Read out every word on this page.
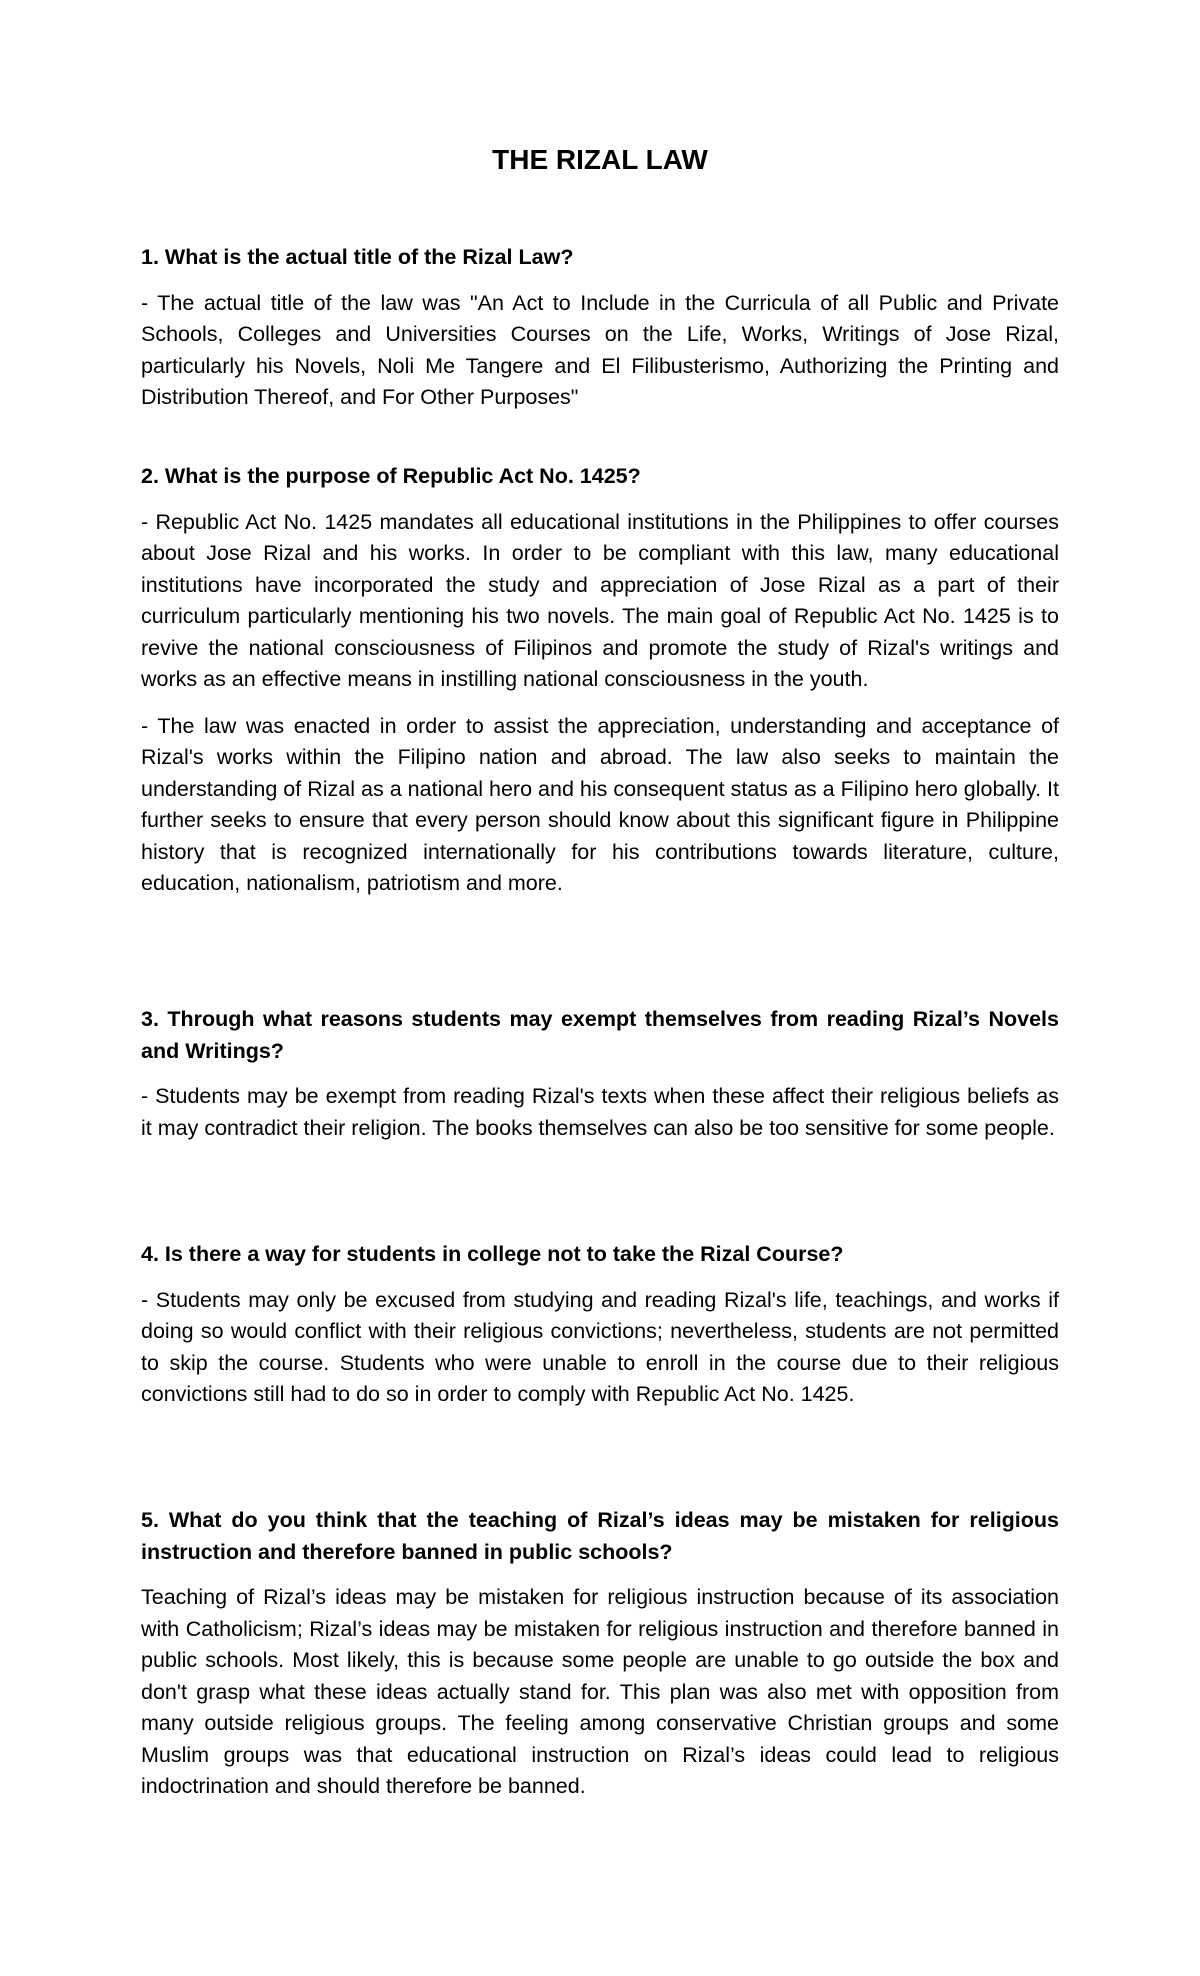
THE RIZAL LAW

1. What is the actual title of the Rizal Law?

- The actual title of the law was "An Act to Include in the Curricula of all Public and Private Schools, Colleges and Universities Courses on the Life, Works, Writings of Jose Rizal, particularly his Novels, Noli Me Tangere and El Filibusterismo, Authorizing the Printing and Distribution Thereof, and For Other Purposes"

2. What is the purpose of Republic Act No. 1425?

- Republic Act No. 1425 mandates all educational institutions in the Philippines to offer courses about Jose Rizal and his works. In order to be compliant with this law, many educational institutions have incorporated the study and appreciation of Jose Rizal as a part of their curriculum particularly mentioning his two novels. The main goal of Republic Act No. 1425 is to revive the national consciousness of Filipinos and promote the study of Rizal's writings and works as an effective means in instilling national consciousness in the youth.

- The law was enacted in order to assist the appreciation, understanding and acceptance of Rizal's works within the Filipino nation and abroad. The law also seeks to maintain the understanding of Rizal as a national hero and his consequent status as a Filipino hero globally. It further seeks to ensure that every person should know about this significant figure in Philippine history that is recognized internationally for his contributions towards literature, culture, education, nationalism, patriotism and more.

3. Through what reasons students may exempt themselves from reading Rizal’s Novels and Writings?

- Students may be exempt from reading Rizal's texts when these affect their religious beliefs as it may contradict their religion. The books themselves can also be too sensitive for some people.

4. Is there a way for students in college not to take the Rizal Course?

- Students may only be excused from studying and reading Rizal's life, teachings, and works if doing so would conflict with their religious convictions; nevertheless, students are not permitted to skip the course. Students who were unable to enroll in the course due to their religious convictions still had to do so in order to comply with Republic Act No. 1425.

5. What do you think that the teaching of Rizal’s ideas may be mistaken for religious instruction and therefore banned in public schools?

Teaching of Rizal’s ideas may be mistaken for religious instruction because of its association with Catholicism; Rizal’s ideas may be mistaken for religious instruction and therefore banned in public schools. Most likely, this is because some people are unable to go outside the box and don't grasp what these ideas actually stand for. This plan was also met with opposition from many outside religious groups. The feeling among conservative Christian groups and some Muslim groups was that educational instruction on Rizal’s ideas could lead to religious indoctrination and should therefore be banned.
